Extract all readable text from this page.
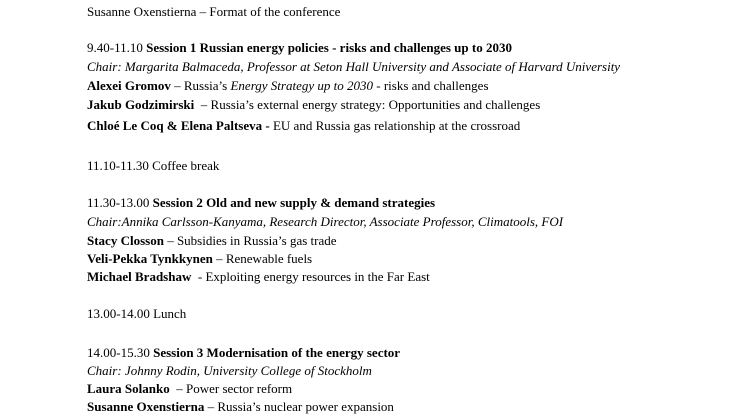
Susanne Oxenstierna – Format of the conference
9.40-11.10 Session 1 Russian energy policies - risks and challenges up to 2030
Chair: Margarita Balmaceda, Professor at Seton Hall University and Associate of Harvard University
Alexei Gromov – Russia’s Energy Strategy up to 2030 - risks and challenges
Jakub Godzimirski  – Russia’s external energy strategy: Opportunities and challenges
Chloé Le Coq & Elena Paltseva - EU and Russia gas relationship at the crossroad
11.10-11.30 Coffee break
11.30-13.00 Session 2 Old and new supply & demand strategies
Chair:Annika Carlsson-Kanyama, Research Director, Associate Professor, Climatools, FOI
Stacy Closson – Subsidies in Russia’s gas trade
Veli-Pekka Tynkkynen – Renewable fuels
Michael Bradshaw  - Exploiting energy resources in the Far East
13.00-14.00 Lunch
14.00-15.30 Session 3 Modernisation of the energy sector
Chair: Johnny Rodin, University College of Stockholm
Laura Solanko  – Power sector reform
Susanne Oxenstierna – Russia’s nuclear power expansion
